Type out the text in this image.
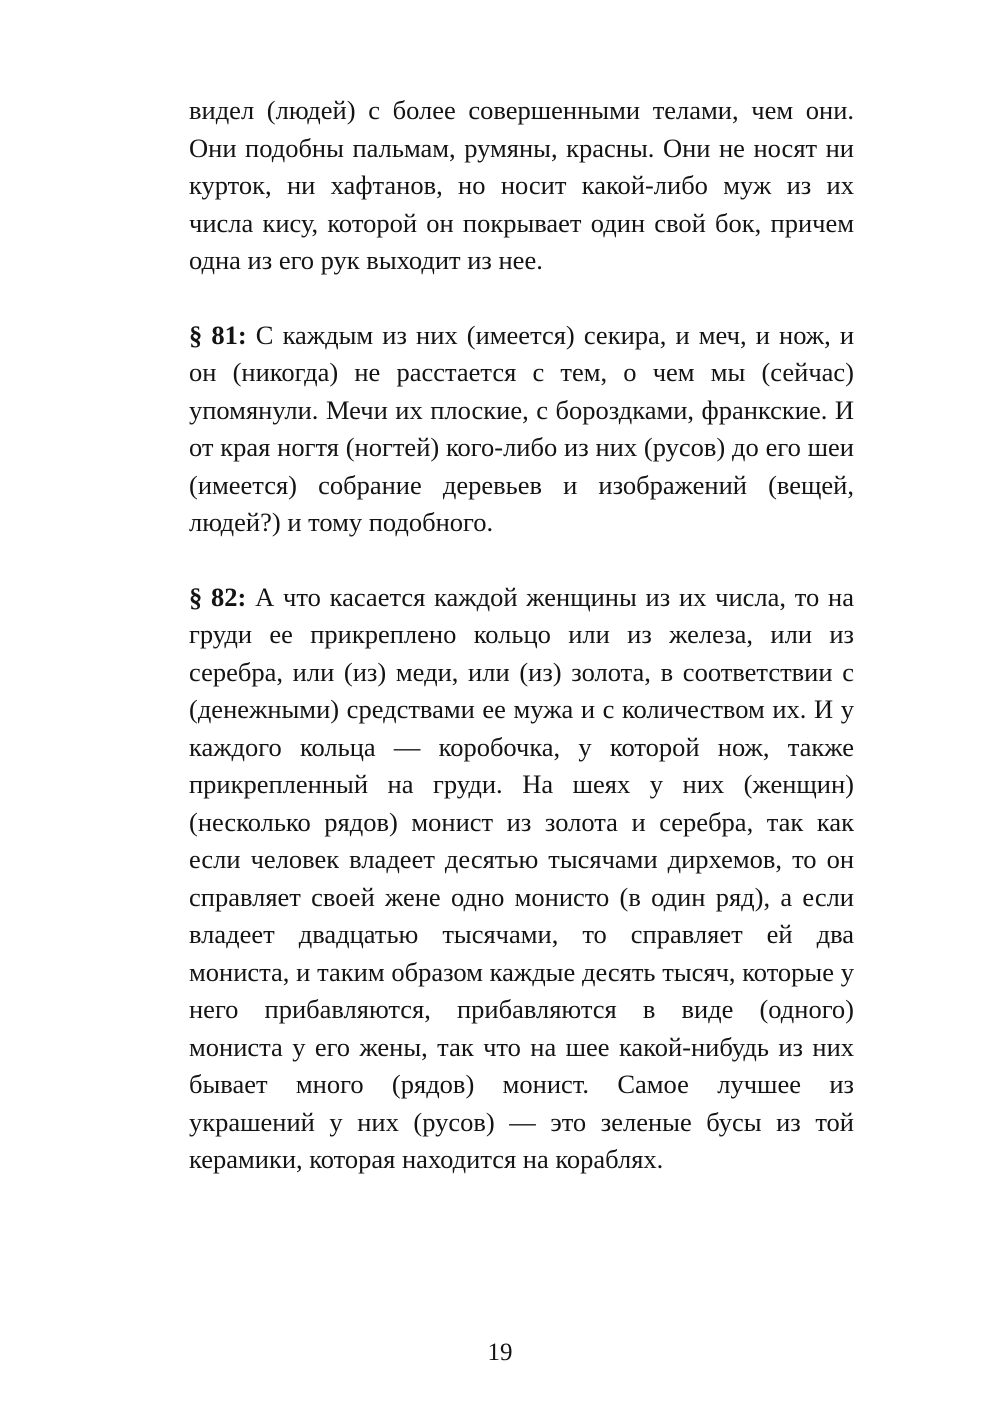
видел (людей) с более совершенными телами, чем они. Они подобны пальмам, румяны, красны. Они не носят ни курток, ни хафтанов, но носит какой-либо муж из их числа кису, которой он покрывает один свой бок, причем одна из его рук выходит из нее.

§ 81: С каждым из них (имеется) секира, и меч, и нож, и он (никогда) не расстается с тем, о чем мы (сейчас) упомянули. Мечи их плоские, с бороздками, франкские. И от края ногтя (ногтей) кого-либо из них (русов) до его шеи (имеется) собрание деревьев и изображений (вещей, людей?) и тому подобного.

§ 82: А что касается каждой женщины из их числа, то на груди ее прикреплено кольцо или из железа, или из серебра, или (из) меди, или (из) золота, в соответствии с (денежными) средствами ее мужа и с количеством их. И у каждого кольца — коробочка, у которой нож, также прикрепленный на груди. На шеях у них (женщин) (несколько рядов) монист из золота и серебра, так как если человек владеет десятью тысячами дирхемов, то он справляет своей жене одно монисто (в один ряд), а если владеет двадцатью тысячами, то справляет ей два мониста, и таким образом каждые десять тысяч, которые у него прибавляются, прибавляются в виде (одного) мониста у его жены, так что на шее какой-нибудь из них бывает много (рядов) монист. Самое лучшее из украшений у них (русов) — это зеленые бусы из той керамики, которая находится на кораблях.

19
